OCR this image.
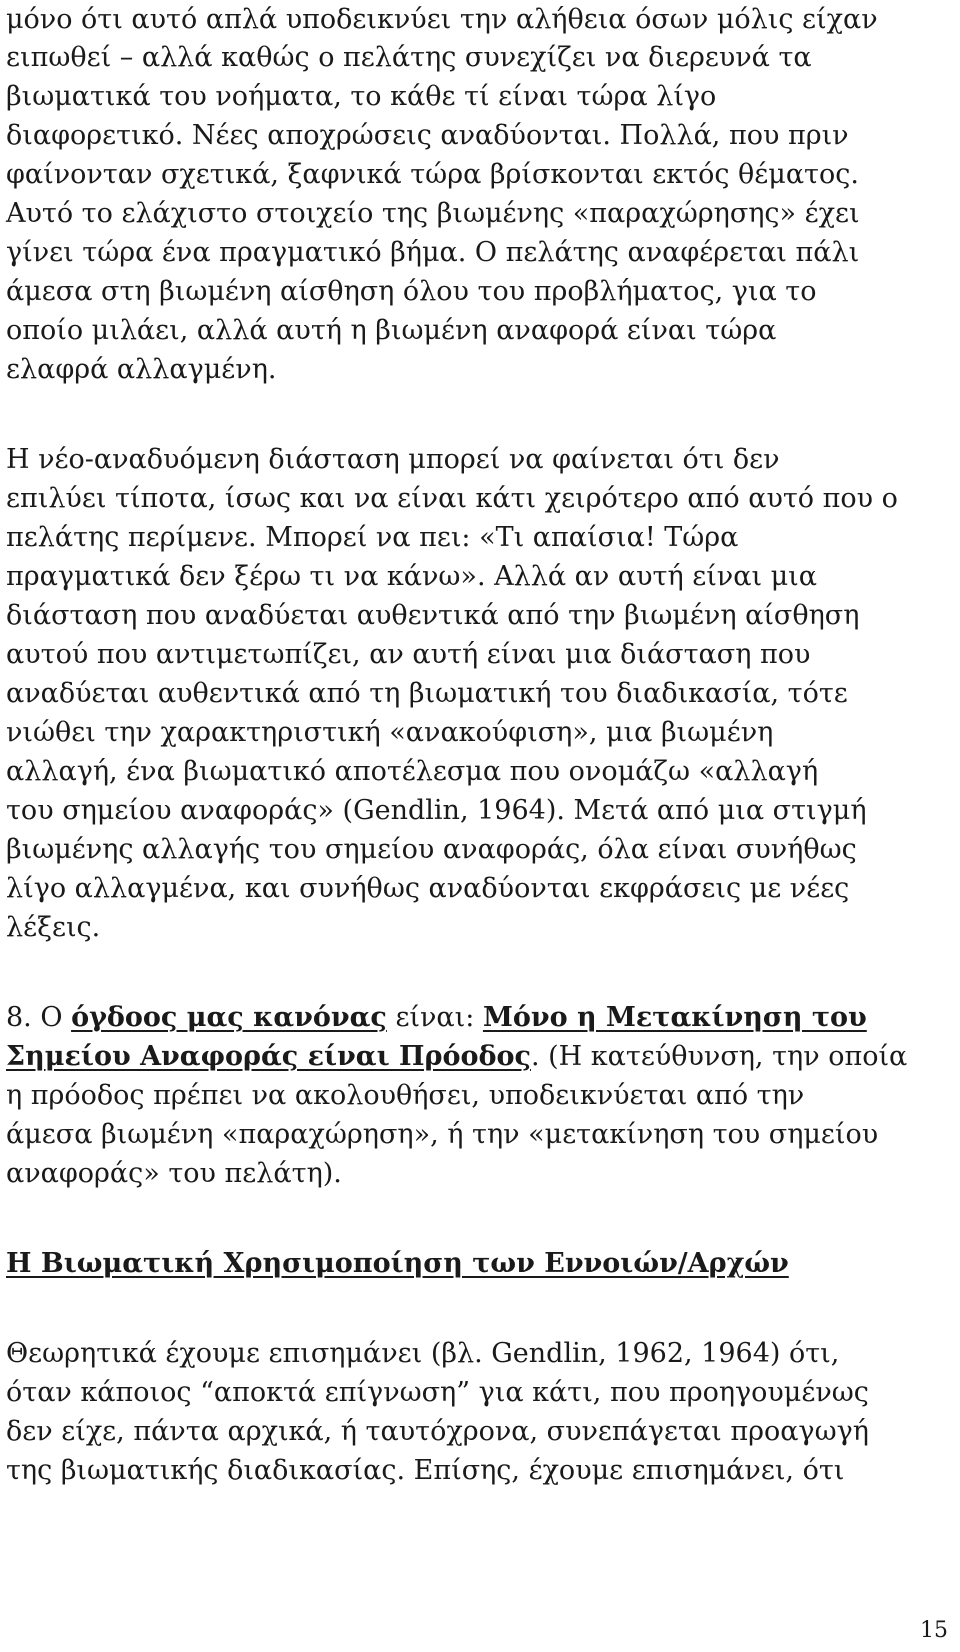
μόνο ότι αυτό απλά υποδεικνύει την αλήθεια όσων μόλις είχαν
ειπωθεί – αλλά καθώς ο πελάτης συνεχίζει να διερευνά τα
βιωματικά του νοήματα, το κάθε τί είναι τώρα λίγο
διαφορετικό. Νέες αποχρώσεις αναδύονται. Πολλά, που πριν
φαίνονταν σχετικά, ξαφνικά τώρα βρίσκονται εκτός θέματος.
Αυτό το ελάχιστο στοιχείο της βιωμένης «παραχώρησης» έχει
γίνει τώρα ένα πραγματικό βήμα. Ο πελάτης αναφέρεται πάλι
άμεσα στη βιωμένη αίσθηση όλου του προβλήματος, για το
οποίο μιλάει, αλλά αυτή η βιωμένη αναφορά είναι τώρα
ελαφρά αλλαγμένη.
Η νέο-αναδυόμενη διάσταση μπορεί να φαίνεται ότι δεν
επιλύει τίποτα, ίσως και να είναι κάτι χειρότερο από αυτό που ο
πελάτης περίμενε. Μπορεί να πει: «Τι απαίσια! Τώρα
πραγματικά δεν ξέρω τι να κάνω». Αλλά αν αυτή είναι μια
διάσταση που αναδύεται αυθεντικά από την βιωμένη αίσθηση
αυτού που αντιμετωπίζει, αν αυτή είναι μια διάσταση που
αναδύεται αυθεντικά από τη βιωματική του διαδικασία, τότε
νιώθει την χαρακτηριστική «ανακούφιση», μια βιωμένη
αλλαγή, ένα βιωματικό αποτέλεσμα που ονομάζω «αλλαγή
του σημείου αναφοράς» (Gendlin, 1964). Μετά από μια στιγμή
βιωμένης αλλαγής του σημείου αναφοράς, όλα είναι συνήθως
λίγο αλλαγμένα, και συνήθως αναδύονται εκφράσεις με νέες
λέξεις.
8. Ο όγδοος μας κανόνας είναι: Μόνο η Μετακίνηση του
Σημείου Αναφοράς είναι Πρόοδος. (Η κατεύθυνση, την οποία
η πρόοδος πρέπει να ακολουθήσει, υποδεικνύεται από την
άμεσα βιωμένη «παραχώρηση», ή την «μετακίνηση του σημείου
αναφοράς» του πελάτη).
Η Βιωματική Χρησιμοποίηση των Εννοιών/Αρχών
Θεωρητικά έχουμε επισημάνει (βλ. Gendlin, 1962, 1964) ότι,
όταν κάποιος “αποκτά επίγνωση” για κάτι, που προηγουμένως
δεν είχε, πάντα αρχικά, ή ταυτόχρονα, συνεπάγεται προαγωγή
της βιωματικής διαδικασίας. Επίσης, έχουμε επισημάνει, ότι
15
